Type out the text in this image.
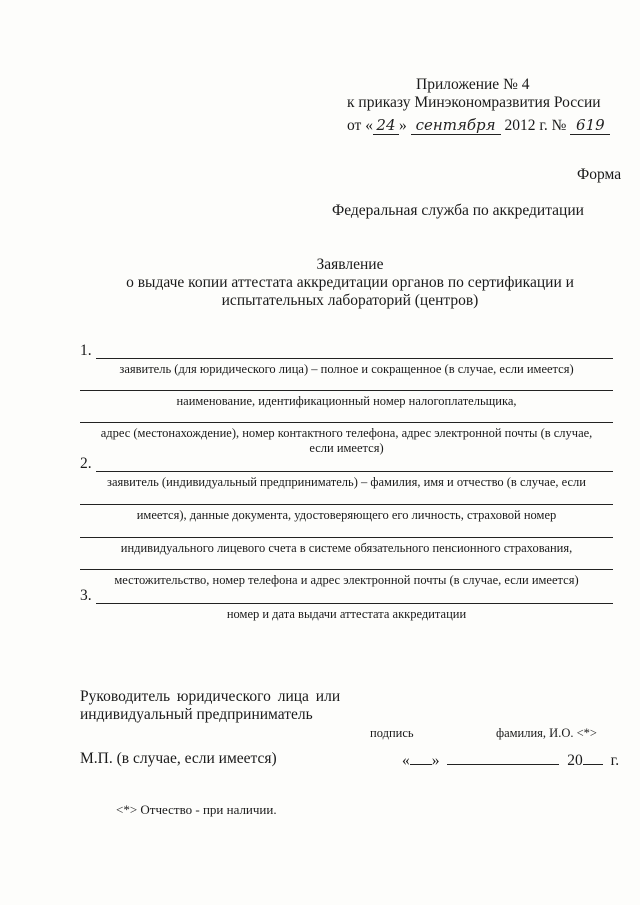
Приложение № 4
к приказу Минэкономразвития России
от « 24 » сентября 2012 г. № 619
Форма
Федеральная служба по аккредитации
Заявление
о выдаче копии аттестата аккредитации органов по сертификации и
испытательных лабораторий (центров)
1.
заявитель (для юридического лица) – полное и сокращенное (в случае, если имеется)
наименование, идентификационный номер налогоплательщика,
адрес (местонахождение), номер контактного телефона, адрес электронной почты (в случае,
если имеется)
2.
заявитель (индивидуальный предприниматель) – фамилия, имя и отчество (в случае, если
имеется), данные документа, удостоверяющего его личность, страховой номер
индивидуального лицевого счета в системе обязательного пенсионного страхования,
местожительство, номер телефона и адрес электронной почты (в случае, если имеется)
3.
номер и дата выдачи аттестата аккредитации
Руководитель юридического лица или
индивидуальный предприниматель
подпись	фамилия, И.О. <*>
М.П. (в случае, если имеется)	« »	20 г.
<*> Отчество - при наличии.
